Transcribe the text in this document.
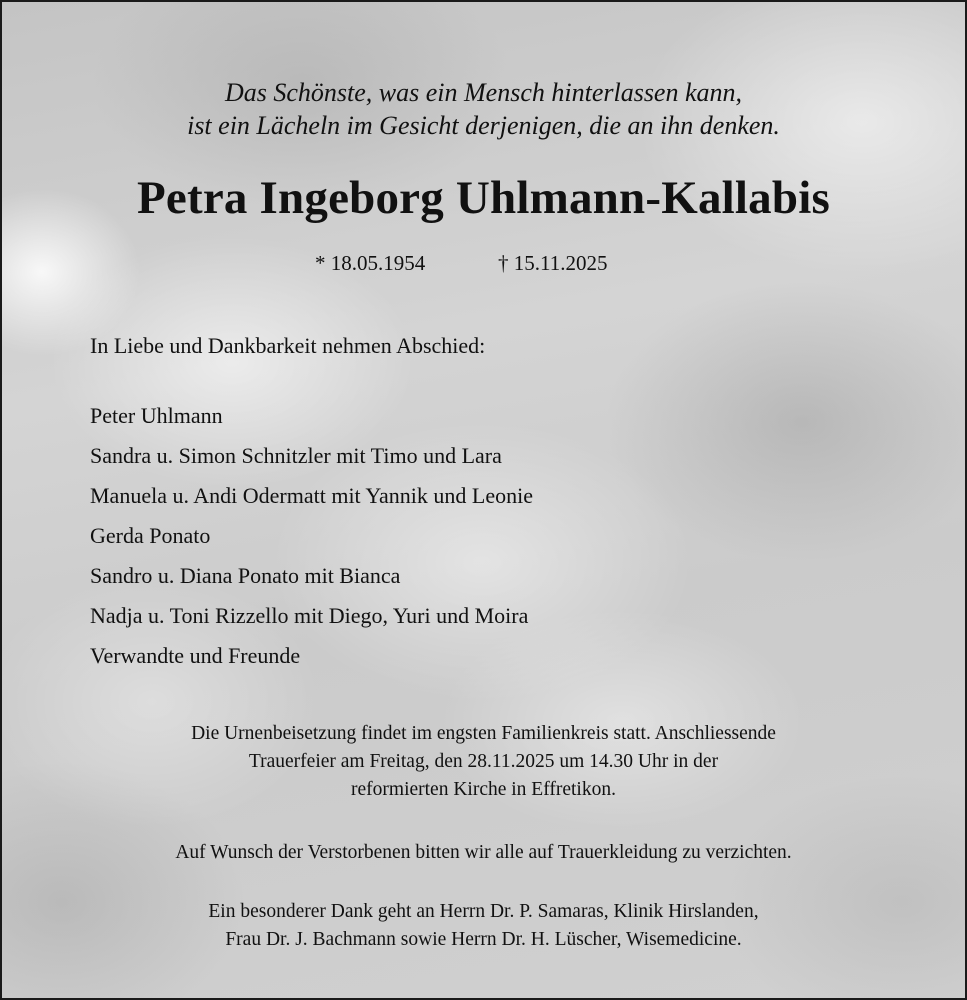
Das Schönste, was ein Mensch hinterlassen kann,
ist ein Lächeln im Gesicht derjenigen, die an ihn denken.
Petra Ingeborg Uhlmann-Kallabis
* 18.05.1954	† 15.11.2025
In Liebe und Dankbarkeit nehmen Abschied:
Peter Uhlmann
Sandra u. Simon Schnitzler mit Timo und Lara
Manuela u. Andi Odermatt mit Yannik und Leonie
Gerda Ponato
Sandro u. Diana Ponato mit Bianca
Nadja u. Toni Rizzello mit Diego, Yuri und Moira
Verwandte und Freunde
Die Urnenbeisetzung findet im engsten Familienkreis statt. Anschliessende
Trauerfeier am Freitag, den 28.11.2025 um 14.30 Uhr in der
reformierten Kirche in Effretikon.
Auf Wunsch der Verstorbenen bitten wir alle auf Trauerkleidung zu verzichten.
Ein besonderer Dank geht an Herrn Dr. P. Samaras, Klinik Hirslanden,
Frau Dr. J. Bachmann sowie Herrn Dr. H. Lüscher, Wisemedicine.
